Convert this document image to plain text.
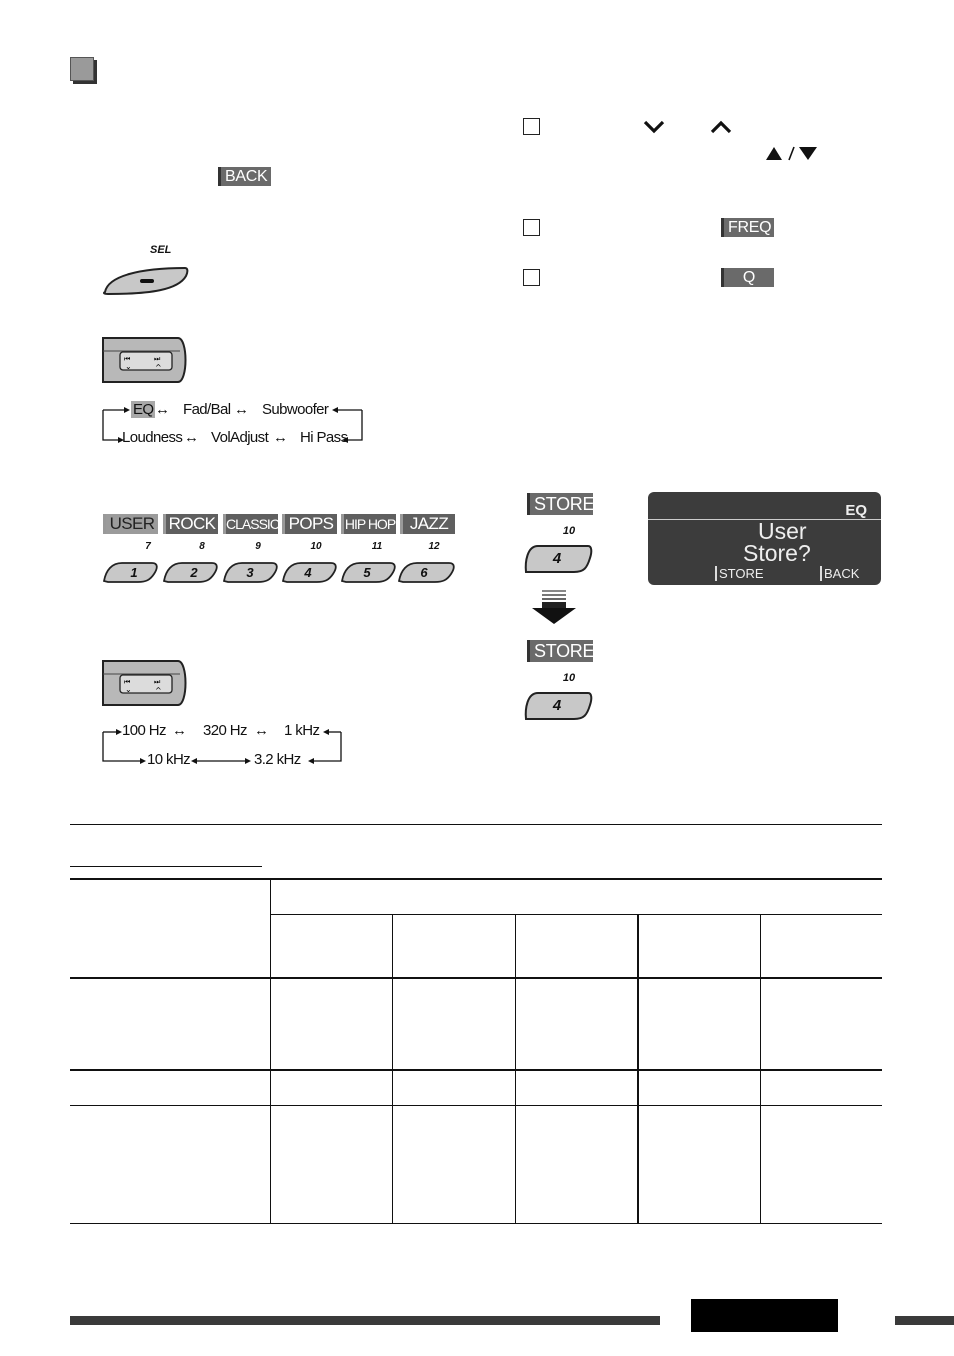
BACK
SEL
⏮	⏭
⌄	^
EQ ↔ Fad/Bal ↔ Subwoofer
Loudness ↔ VolAdjust ↔ Hi Pass
USER ROCK CLASSIC POPS HIP HOP JAZZ
7	8	9	10	11	12
1	2	3	4	5	6
⏮	⏭
⌄	^
100 Hz ↔ 320 Hz ↔ 1 kHz
10 kHz	3.2 kHz
FREQ
Q
STORE
10
4
STORE
10
4
EQ
User
Store?
STORE	BACK
